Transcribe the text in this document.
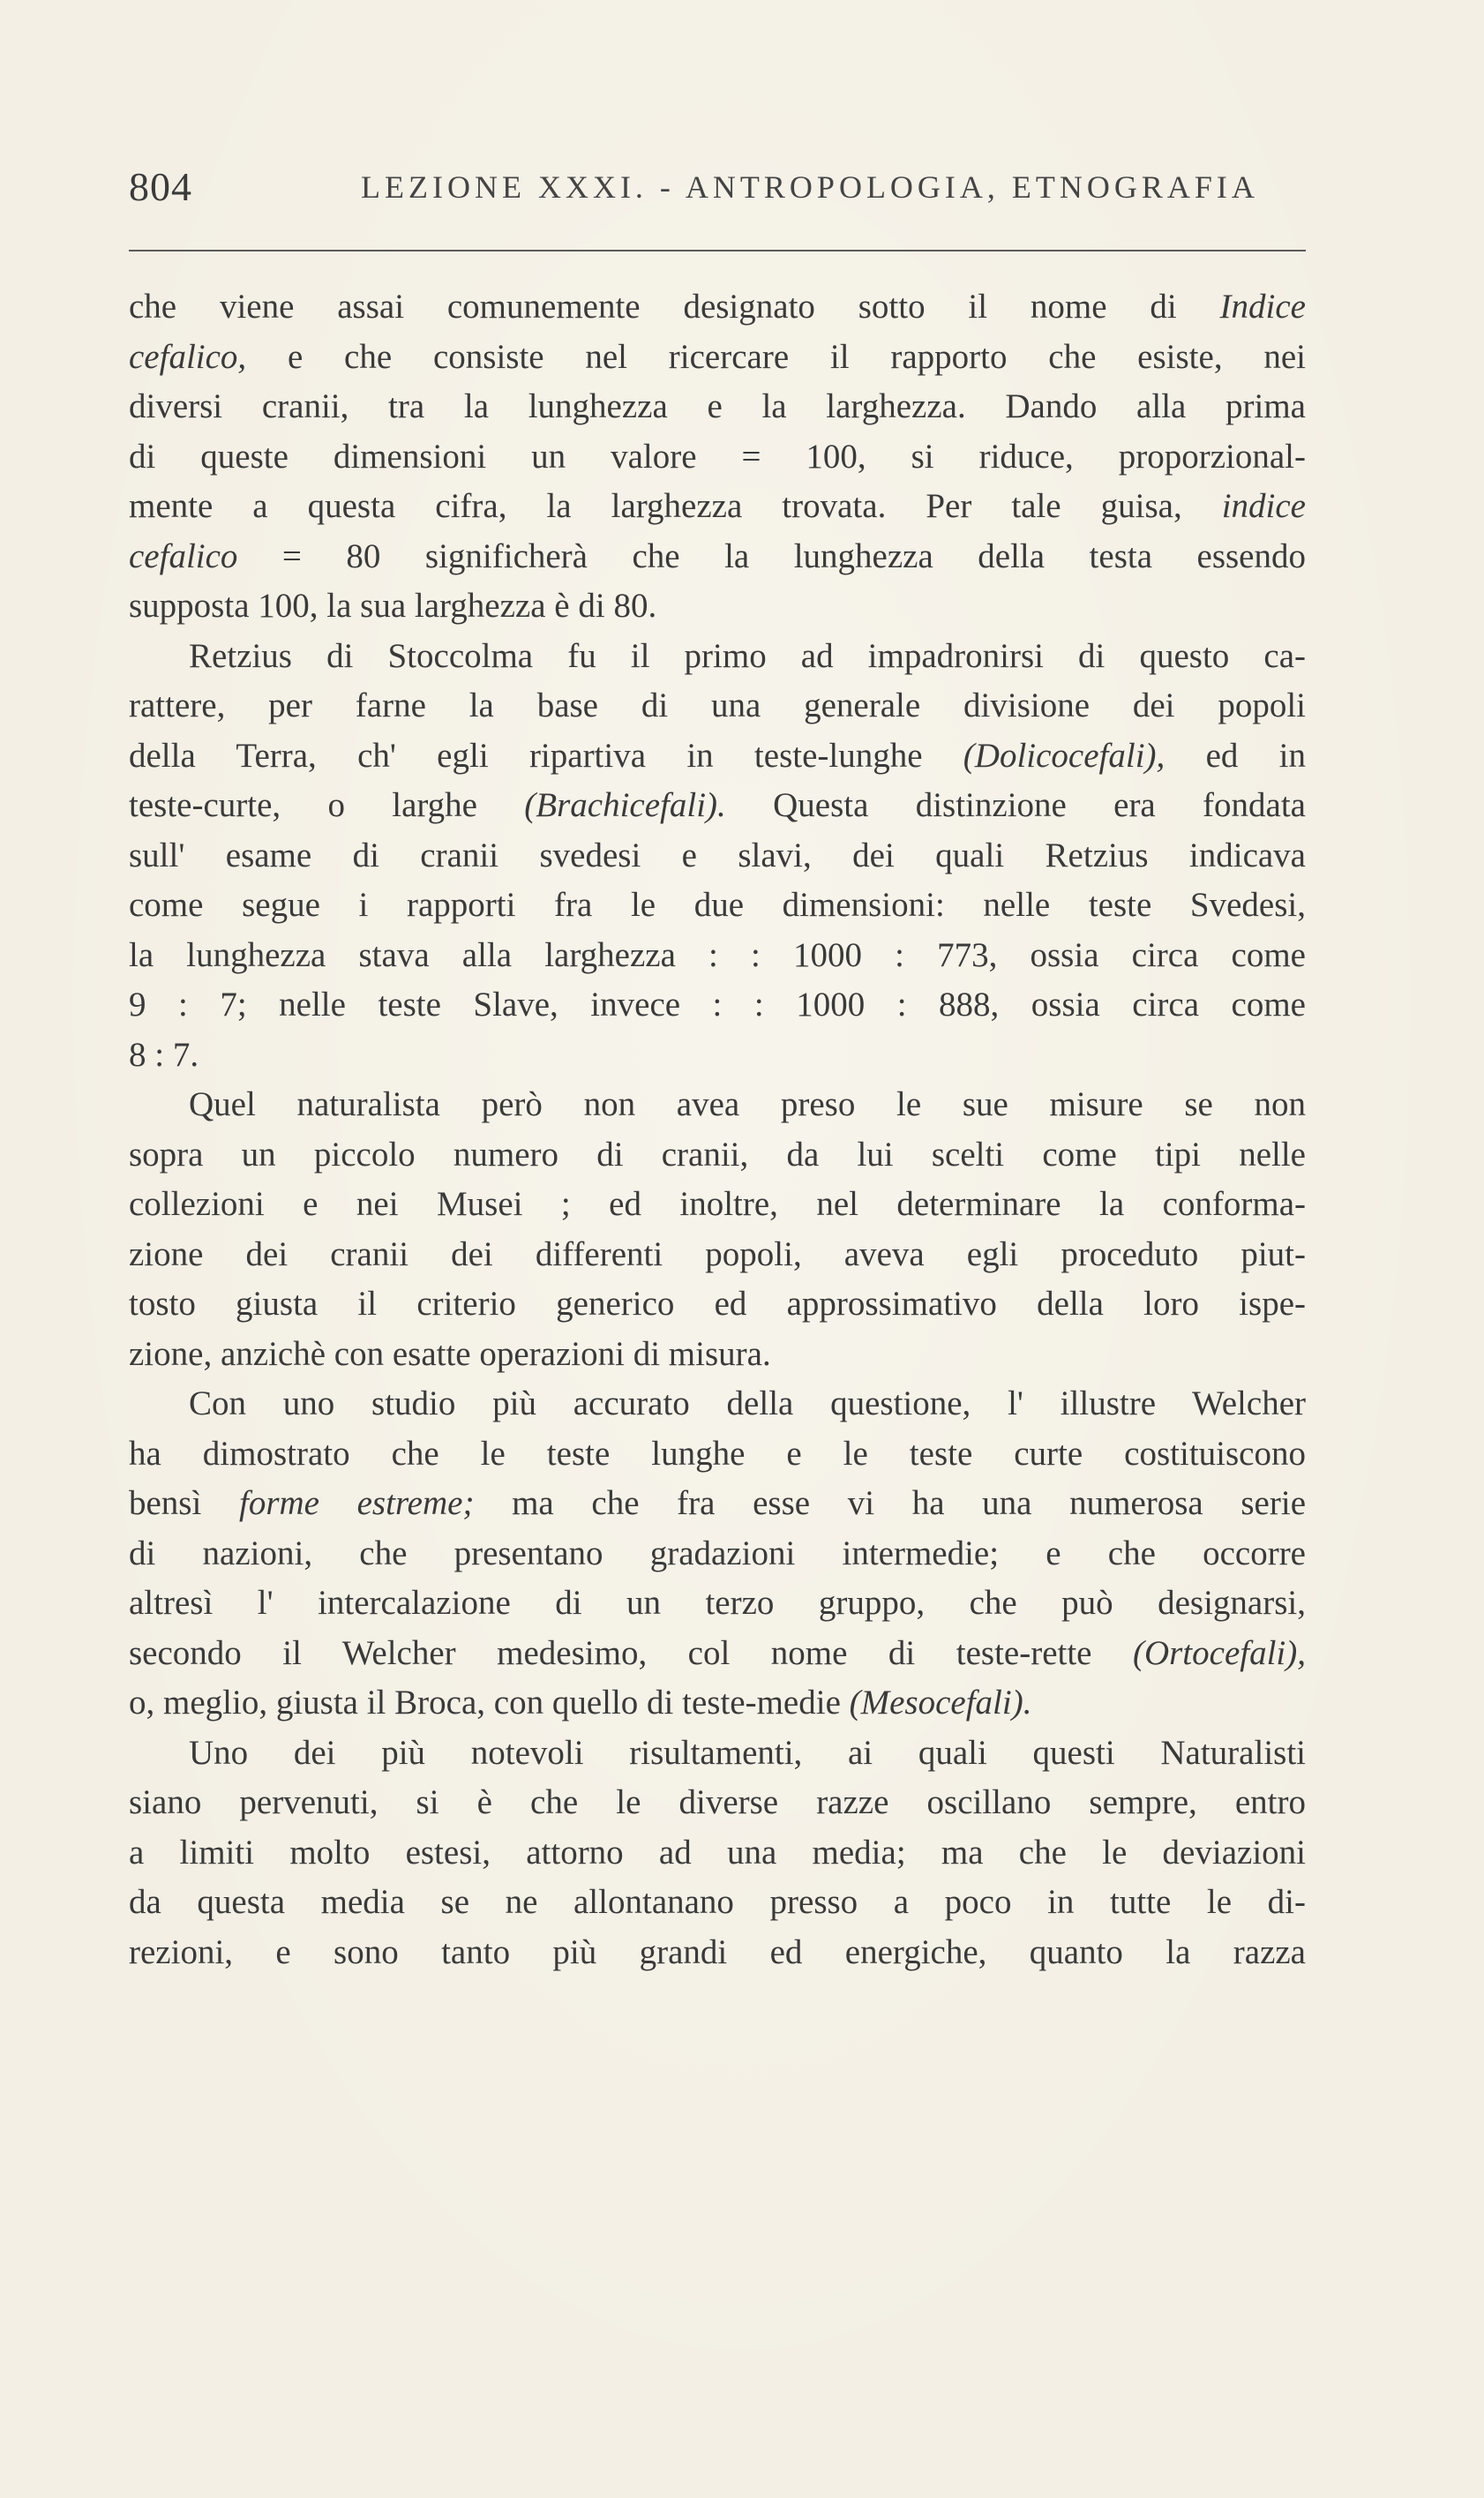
804	LEZIONE XXXI. - ANTROPOLOGIA, ETNOGRAFIA
che viene assai comunemente designato sotto il nome di Indice
cefalico, e che consiste nel ricercare il rapporto che esiste, nei
diversi cranii, tra la lunghezza e la larghezza. Dando alla prima
di queste dimensioni un valore = 100, si riduce, proporzional-
mente a questa cifra, la larghezza trovata. Per tale guisa, indice
cefalico = 80 significherà che la lunghezza della testa essendo
supposta 100, la sua larghezza è di 80.
Retzius di Stoccolma fu il primo ad impadronirsi di questo ca-
rattere, per farne la base di una generale divisione dei popoli
della Terra, ch' egli ripartiva in teste-lunghe (Dolicocefali), ed in
teste-curte, o larghe (Brachicefali). Questa distinzione era fondata
sull' esame di cranii svedesi e slavi, dei quali Retzius indicava
come segue i rapporti fra le due dimensioni: nelle teste Svedesi,
la lunghezza stava alla larghezza : : 1000 : 773, ossia circa come
9 : 7; nelle teste Slave, invece : : 1000 : 888, ossia circa come
8 : 7.
Quel naturalista però non avea preso le sue misure se non
sopra un piccolo numero di cranii, da lui scelti come tipi nelle
collezioni e nei Musei ; ed inoltre, nel determinare la conforma-
zione dei cranii dei differenti popoli, aveva egli proceduto piut-
tosto giusta il criterio generico ed approssimativo della loro ispe-
zione, anzichè con esatte operazioni di misura.
Con uno studio più accurato della questione, l' illustre Welcher
ha dimostrato che le teste lunghe e le teste curte costituiscono
bensì forme estreme; ma che fra esse vi ha una numerosa serie
di nazioni, che presentano gradazioni intermedie; e che occorre
altresì l' intercalazione di un terzo gruppo, che può designarsi,
secondo il Welcher medesimo, col nome di teste-rette (Ortocefali),
o, meglio, giusta il Broca, con quello di teste-medie (Mesocefali).
Uno dei più notevoli risultamenti, ai quali questi Naturalisti
siano pervenuti, si è che le diverse razze oscillano sempre, entro
a limiti molto estesi, attorno ad una media; ma che le deviazioni
da questa media se ne allontanano presso a poco in tutte le di-
rezioni, e sono tanto più grandi ed energiche, quanto la razza
